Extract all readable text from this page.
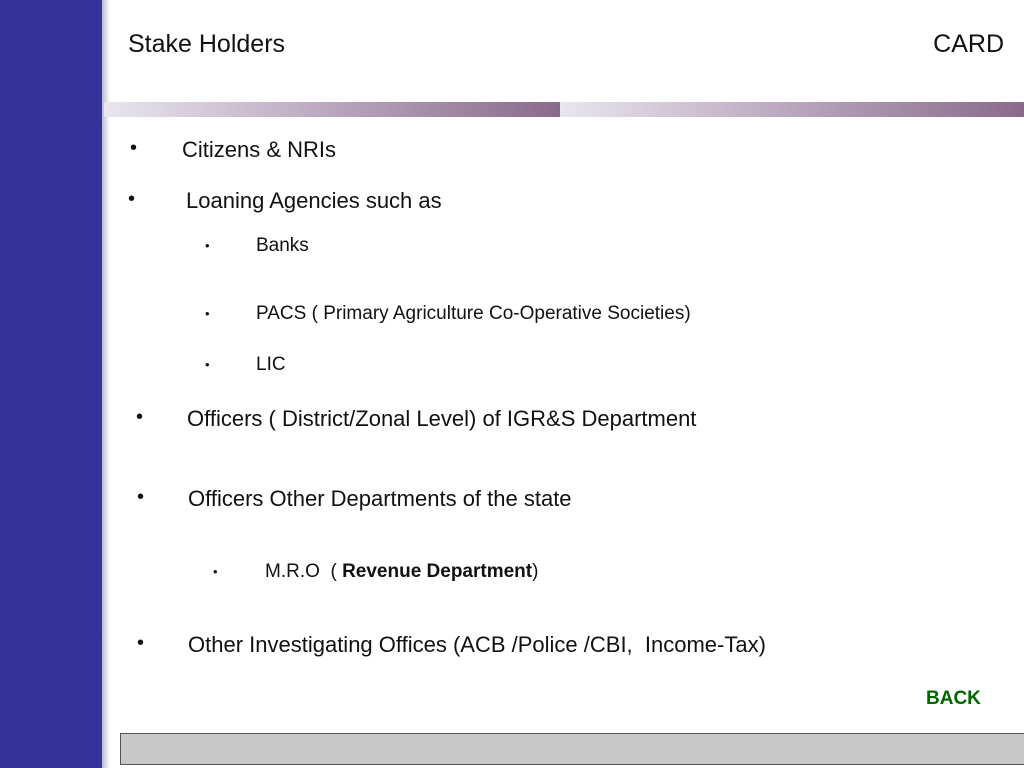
Stake Holders	CARD
• Citizens & NRIs
• Loaning Agencies such as
• Banks
• PACS ( Primary Agriculture Co-Operative Societies)
• LIC
• Officers ( District/Zonal Level) of IGR&S Department
• Officers Other Departments of the state
• M.R.O  ( Revenue Department)
• Other Investigating Offices (ACB /Police /CBI,  Income-Tax)
BACK
